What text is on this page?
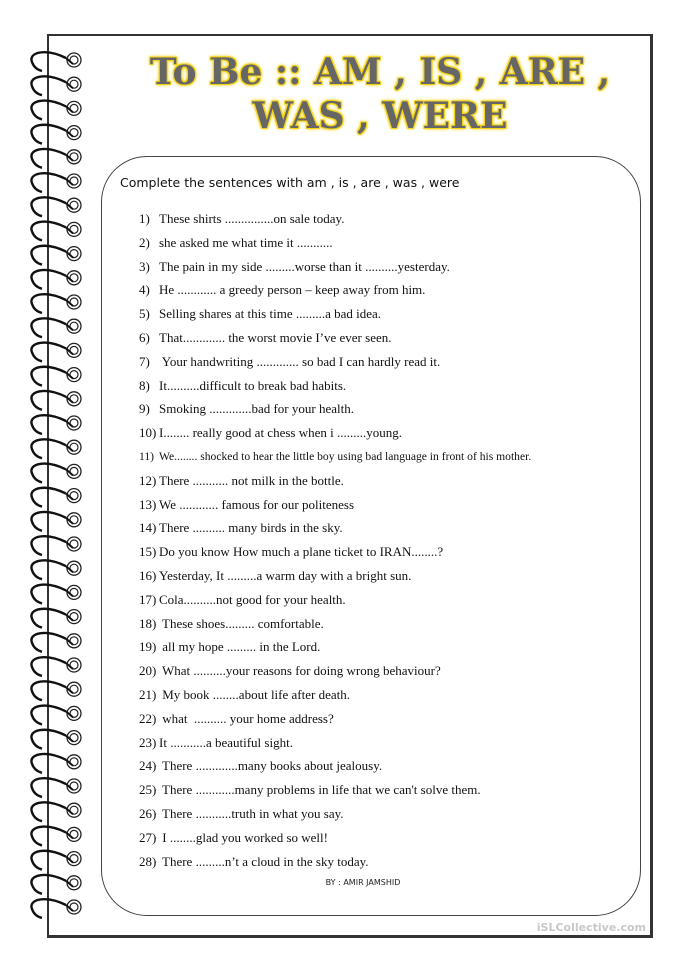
To Be :: AM , IS , ARE ,
WAS , WERE
Complete the sentences with am , is , are , was , were
1) These shirts ...............on sale today.
2) she asked me what time it ...........
3) The pain in my side .........worse than it ..........yesterday.
4) He ............ a greedy person – keep away from him.
5) Selling shares at this time .........a bad idea.
6) That............. the worst movie I’ve ever seen.
7) Your handwriting ............. so bad I can hardly read it.
8) It..........difficult to break bad habits.
9) Smoking .............bad for your health.
10) I........ really good at chess when i .........young.
11) We........ shocked to hear the little boy using bad language in front of his mother.
12) There ........... not milk in the bottle.
13) We ............ famous for our politeness
14) There .......... many birds in the sky.
15) Do you know How much a plane ticket to IRAN........?
16) Yesterday, It .........a warm day with a bright sun.
17) Cola..........not good for your health.
18) These shoes......... comfortable.
19) all my hope ......... in the Lord.
20) What ..........your reasons for doing wrong behaviour?
21) My book ........about life after death.
22) what  .......... your home address?
23) It ...........a beautiful sight.
24) There .............many books about jealousy.
25) There ............many problems in life that we can't solve them.
26) There ...........truth in what you say.
27) I ........glad you worked so well!
28) There .........n’t a cloud in the sky today.
BY : AMIR JAMSHID
iSLCollective.com
